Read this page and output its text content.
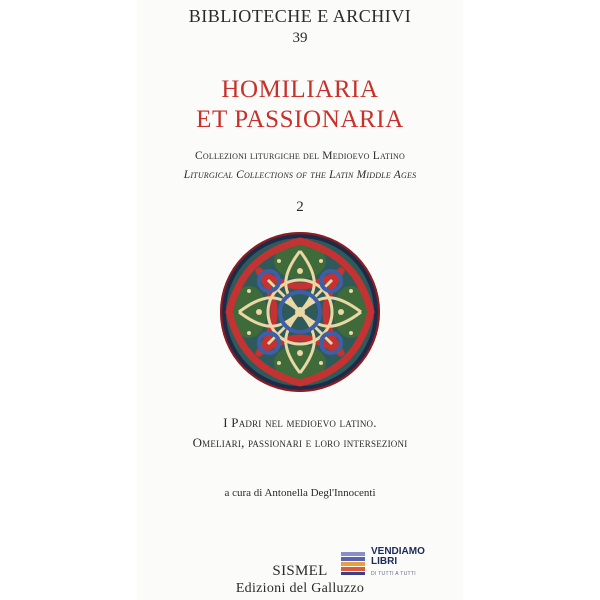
BIBLIOTECHE E ARCHIVI
39
HOMILIARIA
ET PASSIONARIA
Collezioni liturgiche del Medioevo Latino
Liturgical Collections of the Latin Middle Ages
2
I Padri nel medioevo latino.
Omeliari, passionari e loro intersezioni
a cura di Antonella Degl'Innocenti
SISMEL
Edizioni del Galluzzo
VENDIAMO
LIBRI
DI TUTTI A TUTTI
